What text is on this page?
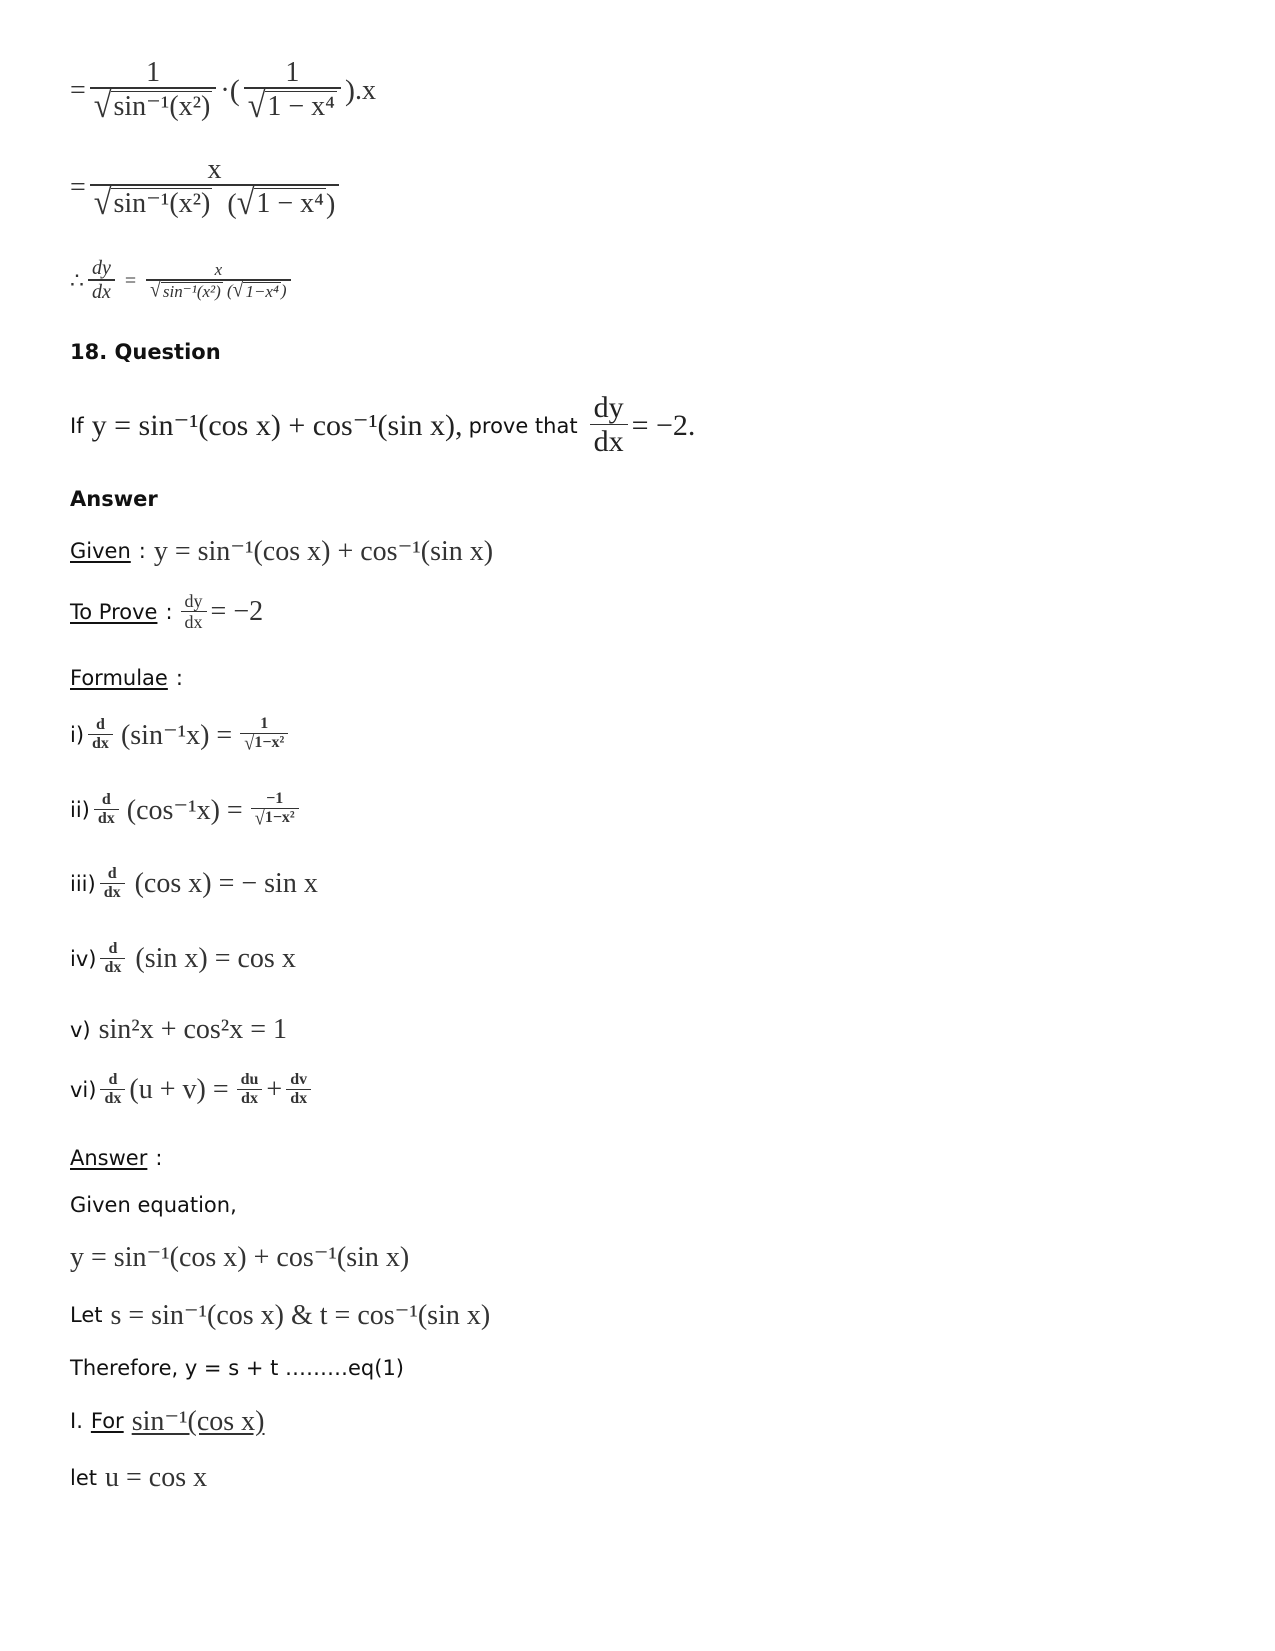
= $\frac{1}{\text{√ sin⁻¹(x²)}}$ · ( $\frac{1}{\text{√ 1 − x⁴}}$ ) .x
= $\frac{x}{\text{√ sin⁻¹(x²) ( √ 1 − x⁴ )}}$
∴ $\frac{dy}{dx} = \frac{x}{\text{√ sin⁻¹(x²) ( √ 1−x⁴ )}}$
18. Question
If y = sin⁻¹(cos x) + cos⁻¹(sin x), prove that $\frac{dy}{dx} = -2$.
Answer
Given : y = sin⁻¹(cos x) + cos⁻¹(sin x)
To Prove : $\frac{dy}{dx} = -2$
Formulae :
$i) \frac{d}{dx} (\sin^{-1}x) = \frac{1}{\text{√ 1−x²}}$
$ii) \frac{d}{dx} (\cos^{-1}x) = \frac{-1}{\text{√ 1−x²}}$
$iii) \frac{d}{dx} (\cos$ x) = − sin x
$iv) \frac{d}{dx} (\sin$ x) = cos x
v) sin²x + cos²x = 1
$vi) \frac{d}{dx} (u + v) = \frac{du}{dx} + \frac{dv}{dx}$
Answer :
Given equation,
y = sin⁻¹(cos x) + cos⁻¹(sin x)
Let s = sin⁻¹(cos x) & t = cos⁻¹(sin x)
Therefore, y = s + t ………eq(1)
I. For sin⁻¹(cos x)
let u = cos x
